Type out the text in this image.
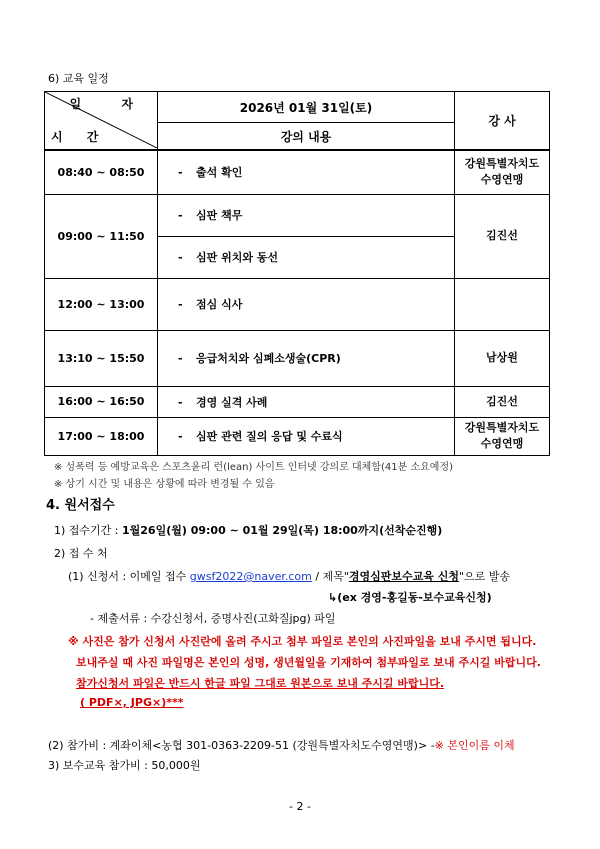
6) 교육 일정
일 자
시 간	2026년 01월 31일(토)	강 사
	강의 내용	
08:40 ~ 08:50	- 출석 확인	강원특별자치도
수영연맹

09:00 ~ 11:50	- 심판 책무	김진선

	- 심판 위치와 동선	
12:00 ~ 13:00	- 점심 식사	
13:10 ~ 15:50	- 응급처치와 심폐소생술(CPR)	남상원

16:00 ~ 16:50	- 경영 실격 사례	김진선

17:00 ~ 18:00	- 심판 관련 질의 응답 및 수료식	강원특별자치도
수영연맹
※ 성폭력 등 예방교육은 스포츠윤리 런(lean) 사이트 인터넷 강의로 대체함(41분 소요예정)
※ 상기 시간 및 내용은 상황에 따라 변경될 수 있음
4. 원서접수
1) 접수기간 : 1월26일(월) 09:00 ~ 01월 29일(목) 18:00까지(선착순진행)
2) 접 수 처
(1) 신청서 : 이메일 접수 gwsf2022@naver.com / 제목"경영심판보수교육 신청"으로 발송
↳(ex 경영-홍길동-보수교육신청)
- 제출서류 : 수강신청서, 증명사진(고화질jpg) 파일
※ 사진은 참가 신청서 사진란에 올려 주시고 첨부 파일로 본인의 사진파일을 보내 주시면 됩니다.
보내주실 때 사진 파일명은 본인의 성명, 생년월일을 기재하여 첨부파일로 보내 주시길 바랍니다.
참가신청서 파일은 반드시 한글 파일 그대로 원본으로 보내 주시길 바랍니다.
( PDF×, JPG×)***
(2) 참가비 : 계좌이체<농협 301-0363-2209-51 (강원특별자치도수영연맹)> -※ 본인이름 이체
3) 보수교육 참가비 : 50,000원
- 2 -
